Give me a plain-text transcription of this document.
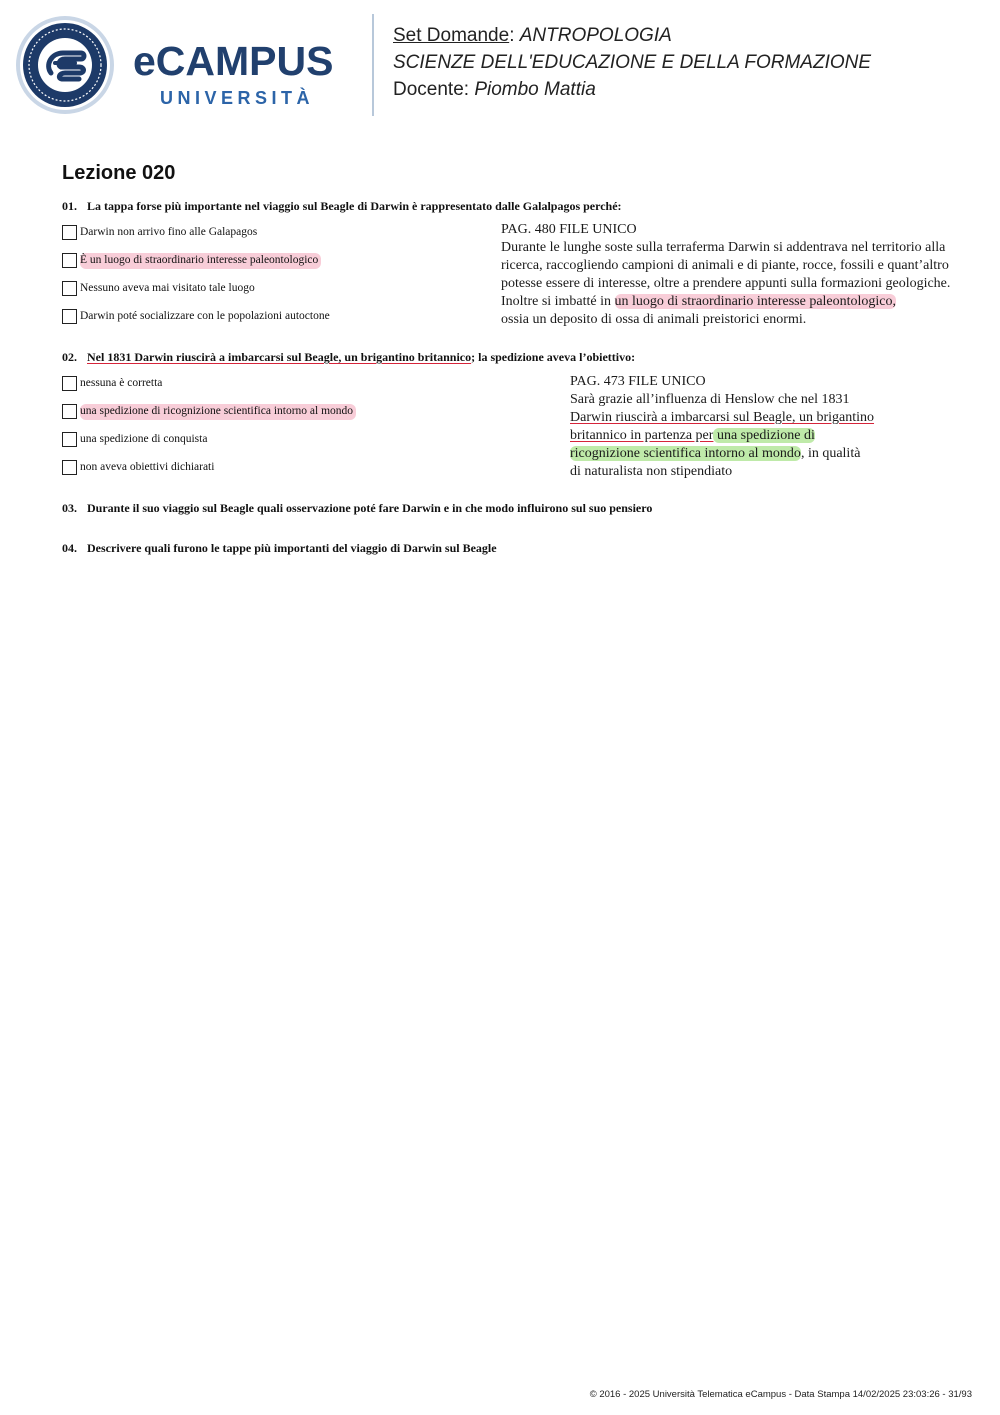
eCAMPUS
UNIVERSITÀ
Set Domande: ANTROPOLOGIA
SCIENZE DELL'EDUCAZIONE E DELLA FORMAZIONE
Docente: Piombo Mattia
Lezione 020
01. La tappa forse più importante nel viaggio sul Beagle di Darwin è rappresentato dalle Galalpagos perché:
Darwin non arrivo fino alle Galapagos
È un luogo di straordinario interesse paleontologico
Nessuno aveva mai visitato tale luogo
Darwin poté socializzare con le popolazioni autoctone
PAG. 480 FILE UNICO
Durante le lunghe soste sulla terraferma Darwin si addentrava nel territorio alla
ricerca, raccogliendo campioni di animali e di piante, rocce, fossili e quant’altro
potesse essere di interesse, oltre a prendere appunti sulla formazioni geologiche.
Inoltre si imbatté in un luogo di straordinario interesse paleontologico,
ossia un deposito di ossa di animali preistorici enormi.
02. Nel 1831 Darwin riuscirà a imbarcarsi sul Beagle, un brigantino britannico; la spedizione aveva l’obiettivo:
nessuna è corretta
una spedizione di ricognizione scientifica intorno al mondo
una spedizione di conquista
non aveva obiettivi dichiarati
PAG. 473 FILE UNICO
Sarà grazie all’influenza di Henslow che nel 1831
Darwin riuscirà a imbarcarsi sul Beagle, un brigantino
britannico in partenza per una spedizione di
ricognizione scientifica intorno al mondo, in qualità
di naturalista non stipendiato
03. Durante il suo viaggio sul Beagle quali osservazione poté fare Darwin e in che modo influirono sul suo pensiero
04. Descrivere quali furono le tappe più importanti del viaggio di Darwin sul Beagle
© 2016 - 2025 Università Telematica eCampus - Data Stampa 14/02/2025 23:03:26 - 31/93
